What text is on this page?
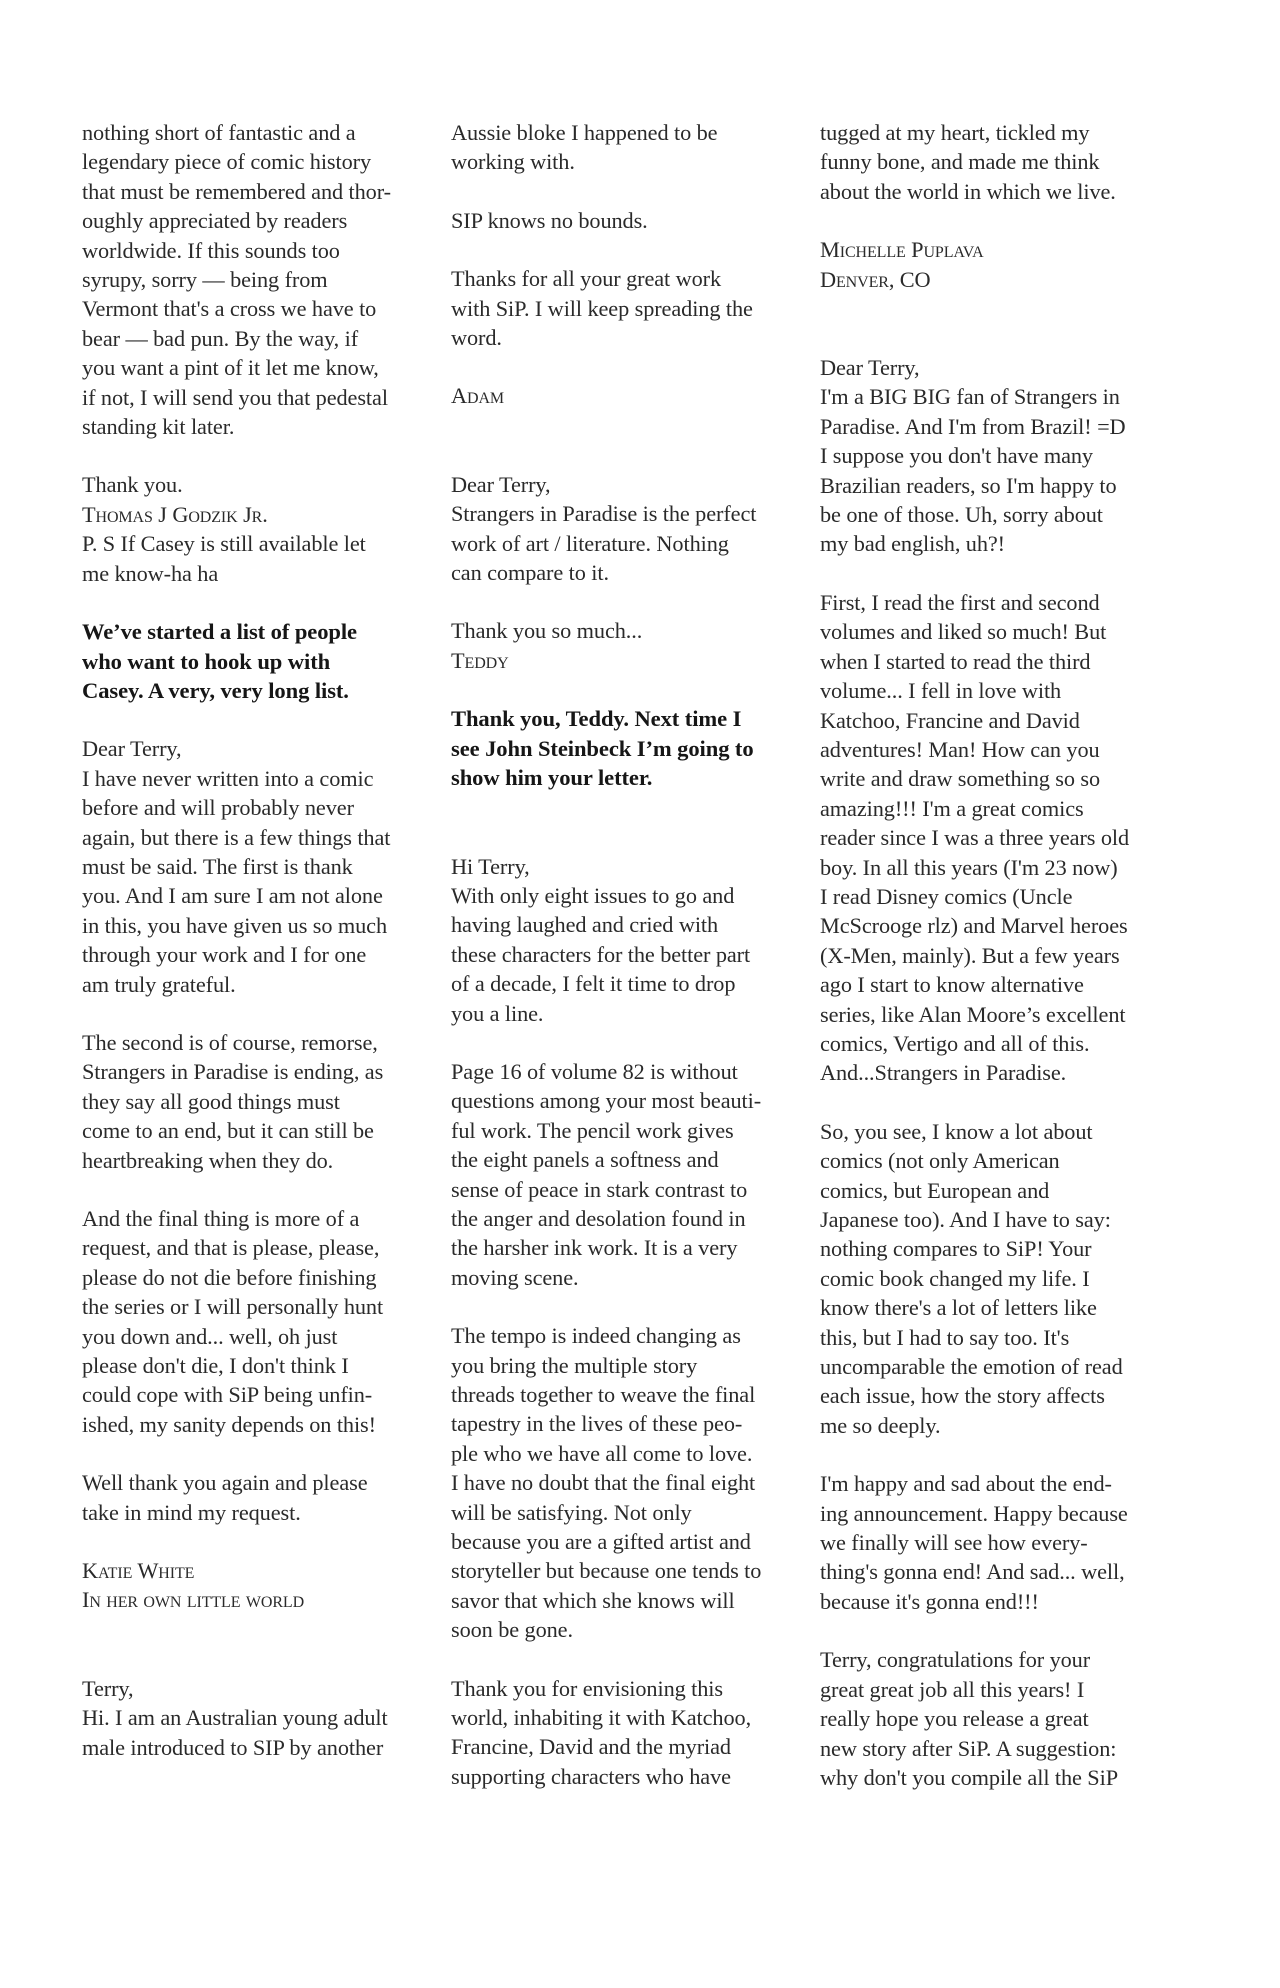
nothing short of fantastic and a
legendary piece of comic history
that must be remembered and thor-
oughly appreciated by readers
worldwide. If this sounds too
syrupy, sorry — being from
Vermont that's a cross we have to
bear — bad pun. By the way, if
you want a pint of it let me know,
if not, I will send you that pedestal
standing kit later.
Thank you.
Thomas J Godzik Jr.
P. S If Casey is still available let
me know-ha ha
We’ve started a list of people
who want to hook up with
Casey. A very, very long list.
Dear Terry,
I have never written into a comic
before and will probably never
again, but there is a few things that
must be said. The first is thank
you. And I am sure I am not alone
in this, you have given us so much
through your work and I for one
am truly grateful.
The second is of course, remorse,
Strangers in Paradise is ending, as
they say all good things must
come to an end, but it can still be
heartbreaking when they do.
And the final thing is more of a
request, and that is please, please,
please do not die before finishing
the series or I will personally hunt
you down and... well, oh just
please don't die, I don't think I
could cope with SiP being unfin-
ished, my sanity depends on this!
Well thank you again and please
take in mind my request.
Katie White
In her own little world
Terry,
Hi. I am an Australian young adult
male introduced to SIP by another
Aussie bloke I happened to be
working with.
SIP knows no bounds.
Thanks for all your great work
with SiP. I will keep spreading the
word.
Adam
Dear Terry,
Strangers in Paradise is the perfect
work of art / literature. Nothing
can compare to it.
Thank you so much...
Teddy
Thank you, Teddy. Next time I
see John Steinbeck I’m going to
show him your letter.
Hi Terry,
With only eight issues to go and
having laughed and cried with
these characters for the better part
of a decade, I felt it time to drop
you a line.
Page 16 of volume 82 is without
questions among your most beauti-
ful work. The pencil work gives
the eight panels a softness and
sense of peace in stark contrast to
the anger and desolation found in
the harsher ink work. It is a very
moving scene.
The tempo is indeed changing as
you bring the multiple story
threads together to weave the final
tapestry in the lives of these peo-
ple who we have all come to love.
I have no doubt that the final eight
will be satisfying. Not only
because you are a gifted artist and
storyteller but because one tends to
savor that which she knows will
soon be gone.
Thank you for envisioning this
world, inhabiting it with Katchoo,
Francine, David and the myriad
supporting characters who have
tugged at my heart, tickled my
funny bone, and made me think
about the world in which we live.
Michelle Puplava
Denver, CO
Dear Terry,
I'm a BIG BIG fan of Strangers in
Paradise. And I'm from Brazil! =D
I suppose you don't have many
Brazilian readers, so I'm happy to
be one of those. Uh, sorry about
my bad english, uh?!
First, I read the first and second
volumes and liked so much! But
when I started to read the third
volume... I fell in love with
Katchoo, Francine and David
adventures! Man! How can you
write and draw something so so
amazing!!! I'm a great comics
reader since I was a three years old
boy. In all this years (I'm 23 now)
I read Disney comics (Uncle
McScrooge rlz) and Marvel heroes
(X-Men, mainly). But a few years
ago I start to know alternative
series, like Alan Moore’s excellent
comics, Vertigo and all of this.
And...Strangers in Paradise.
So, you see, I know a lot about
comics (not only American
comics, but European and
Japanese too). And I have to say:
nothing compares to SiP! Your
comic book changed my life. I
know there's a lot of letters like
this, but I had to say too. It's
uncomparable the emotion of read
each issue, how the story affects
me so deeply.
I'm happy and sad about the end-
ing announcement. Happy because
we finally will see how every-
thing's gonna end! And sad... well,
because it's gonna end!!!
Terry, congratulations for your
great great job all this years! I
really hope you release a great
new story after SiP. A suggestion:
why don't you compile all the SiP
